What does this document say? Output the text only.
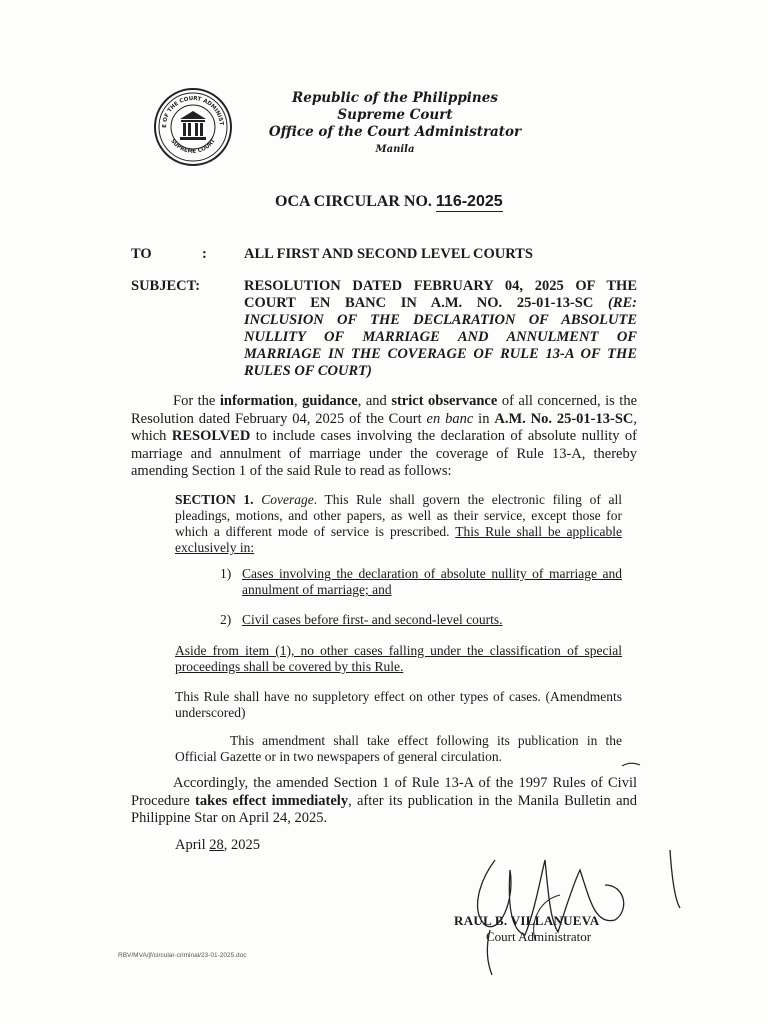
E OF THE COURT ADMINIST
SUPREME COURT
Republic of the Philippines
Supreme Court
Office of the Court Administrator
Manila
OCA CIRCULAR NO. 116-2025
TO	:	ALL FIRST AND SECOND LEVEL COURTS
SUBJECT:	RESOLUTION DATED FEBRUARY 04, 2025 OF THE COURT EN BANC IN A.M. NO. 25-01-13-SC (RE: INCLUSION OF THE DECLARATION OF ABSOLUTE NULLITY OF MARRIAGE AND ANNULMENT OF MARRIAGE IN THE COVERAGE OF RULE 13-A OF THE RULES OF COURT)
For the information, guidance, and strict observance of all concerned, is the Resolution dated February 04, 2025 of the Court en banc in A.M. No. 25-01-13-SC, which RESOLVED to include cases involving the declaration of absolute nullity of marriage and annulment of marriage under the coverage of Rule 13-A, thereby amending Section 1 of the said Rule to read as follows:
SECTION 1. Coverage. This Rule shall govern the electronic filing of all pleadings, motions, and other papers, as well as their service, except those for which a different mode of service is prescribed. This Rule shall be applicable exclusively in:
1) Cases involving the declaration of absolute nullity of marriage and annulment of marriage; and
2) Civil cases before first- and second-level courts.
Aside from item (1), no other cases falling under the classification of special proceedings shall be covered by this Rule.
This Rule shall have no suppletory effect on other types of cases. (Amendments underscored)
This amendment shall take effect following its publication in the Official Gazette or in two newspapers of general circulation.
Accordingly, the amended Section 1 of Rule 13-A of the 1997 Rules of Civil Procedure takes effect immediately, after its publication in the Manila Bulletin and Philippine Star on April 24, 2025.
April 28, 2025
RAUL B. VILLANUEVA
Court Administrator
RBV/MVA/jf/circular-criminal/23-01-2025.doc
